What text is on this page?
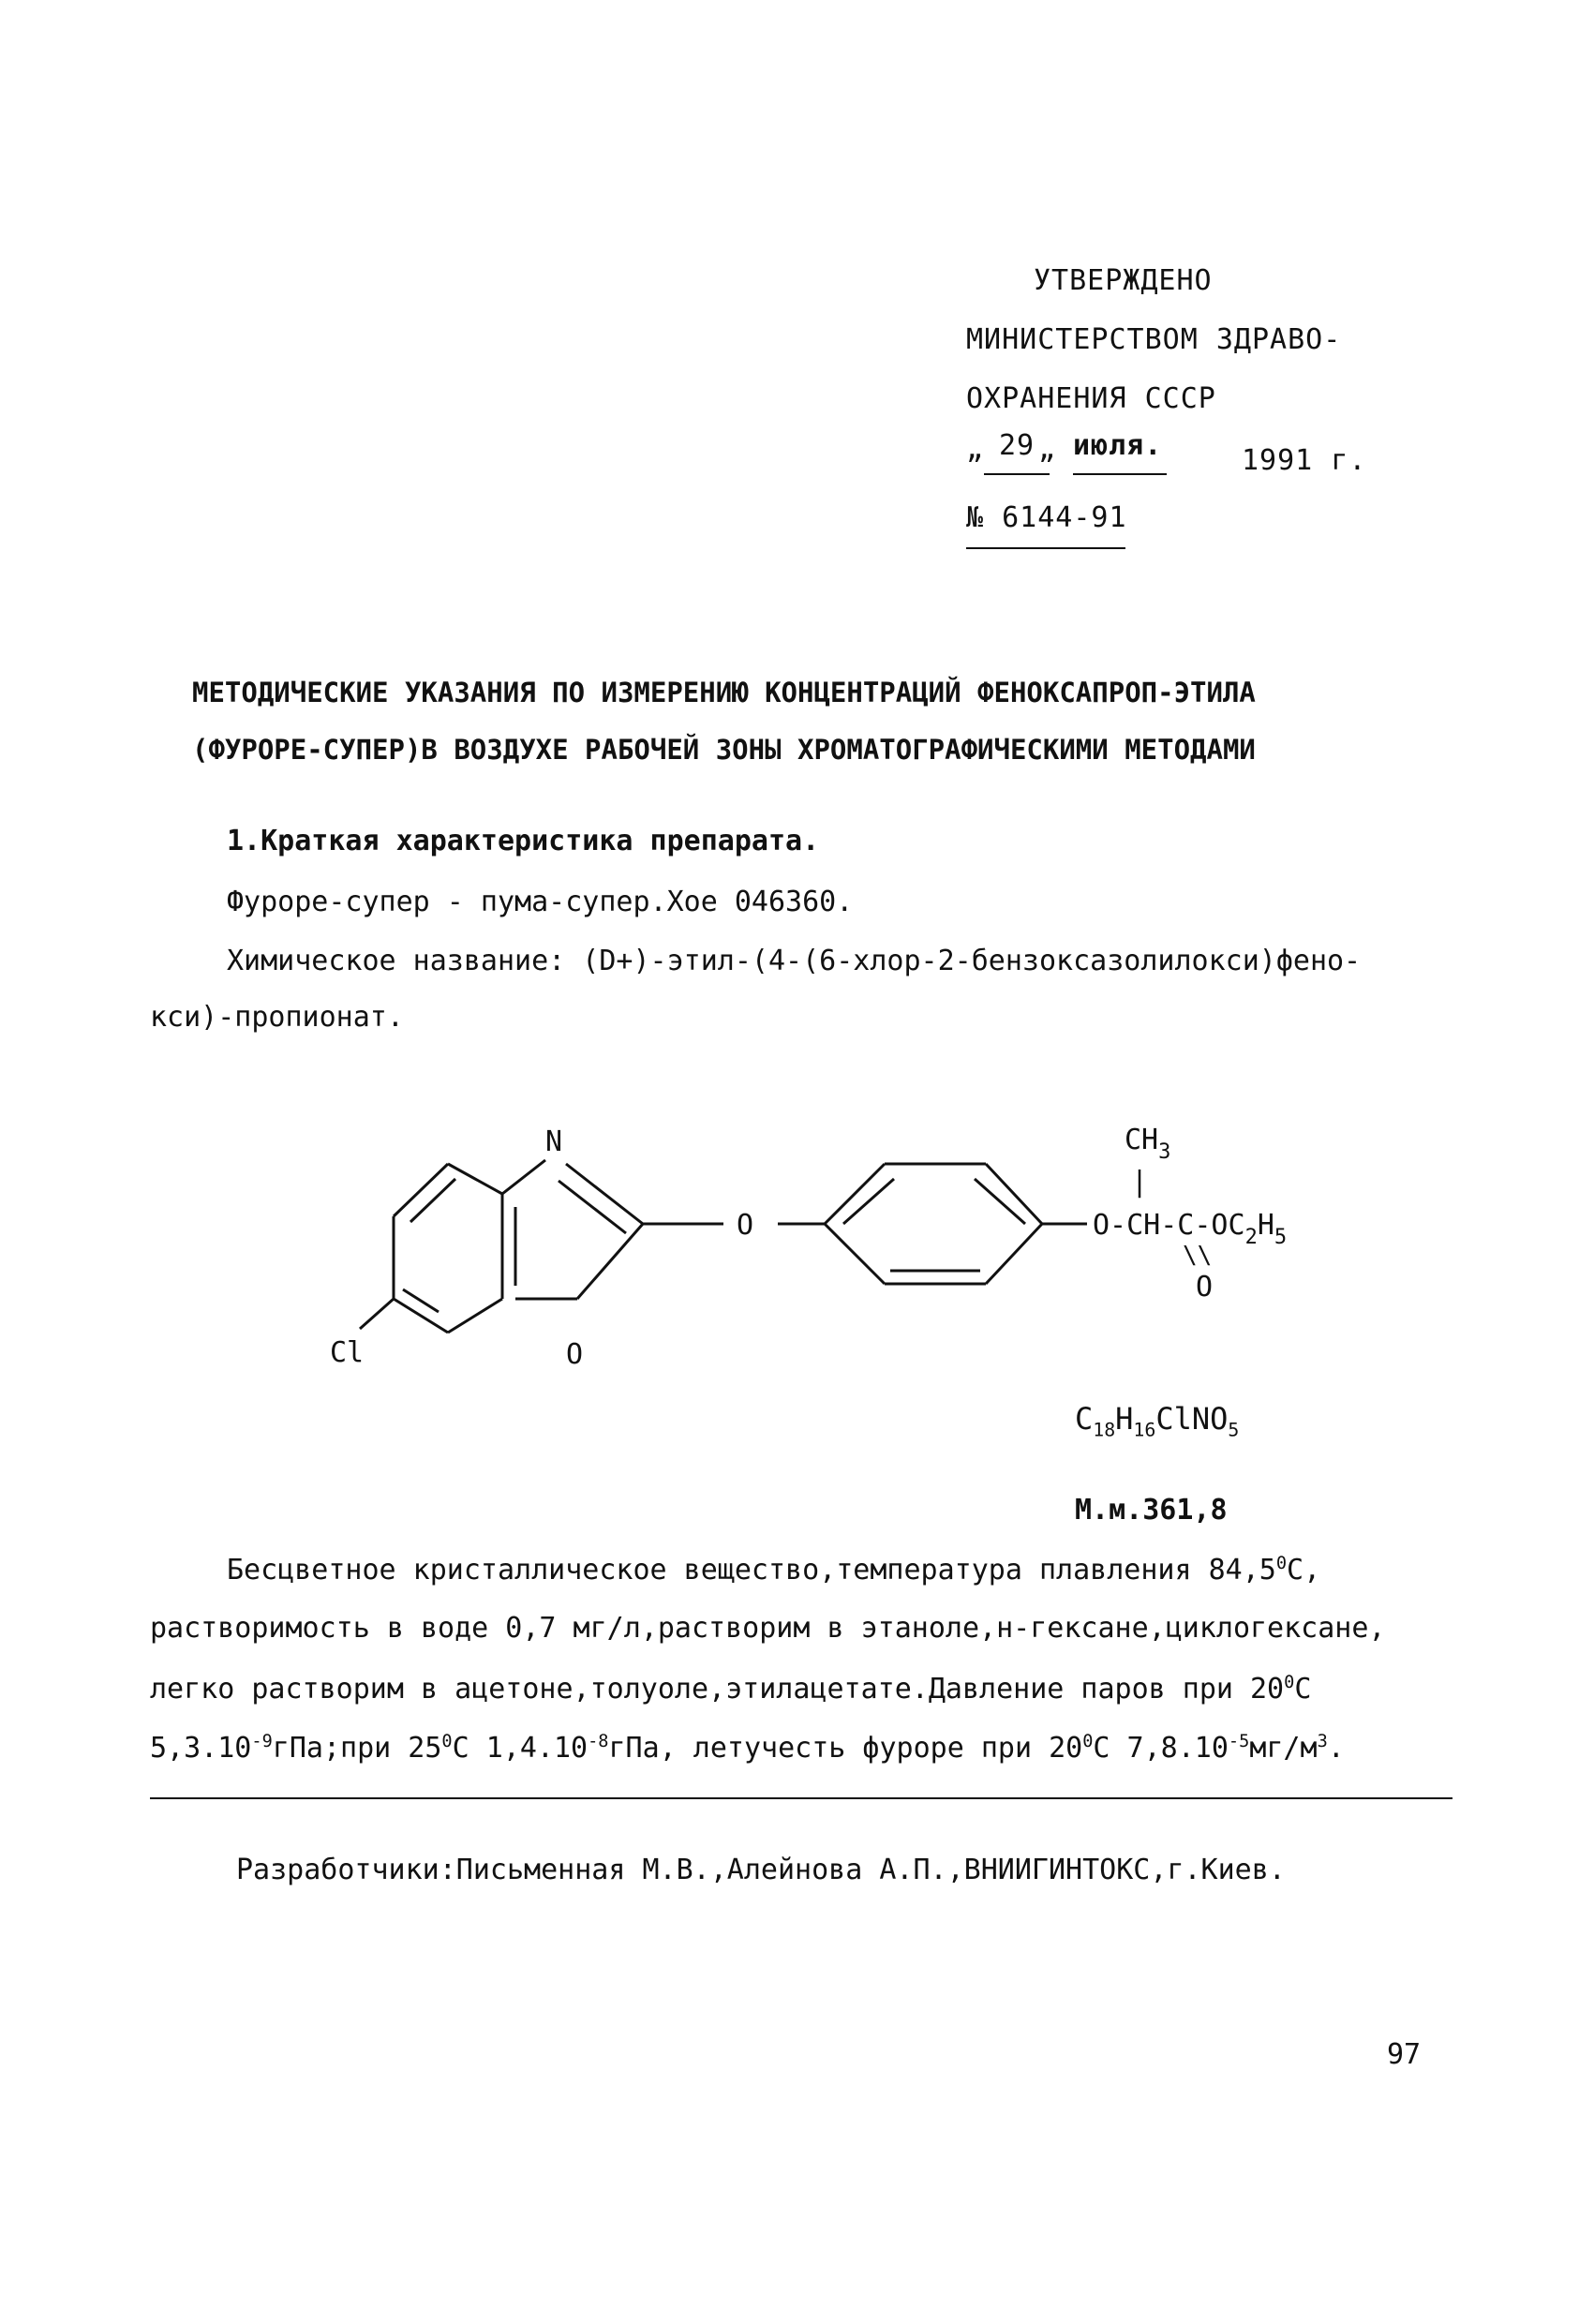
УТВЕРЖДЕНО
МИНИСТЕРСТВОМ ЗДРАВО-
ОХРАНЕНИЯ СССР
„ 29 „ июля.	1991 г.
№ 6144-91
МЕТОДИЧЕСКИЕ УКАЗАНИЯ ПО ИЗМЕРЕНИЮ КОНЦЕНТРАЦИЙ ФЕНОКСАПРОП-ЭТИЛА
(ФУРОРЕ-СУПЕР)В ВОЗДУХЕ РАБОЧЕЙ ЗОНЫ ХРОМАТОГРАФИЧЕСКИМИ МЕТОДАМИ
1.Краткая характеристика препарата.
Фуроре-супер - пума-супер.Хое 046360.
Химическое название: (D+)-этил-(4-(6-хлор-2-бензоксазолилокси)фено-
кси)-пропионат.
N
O
Cl
O
$CH_3$
|
$O-CH-C-OC_2H_5$
\\
O
$C_{18}H_{16}ClNO_5$
М.м.361,8
Бесцветное кристаллическое вещество,температура плавления 84,5$^0$С,
растворимость в воде 0,7 мг/л,растворим в этаноле,н-гексане,циклогексане,
легко растворим в ацетоне,толуоле,этилацетате.Давление паров при $20^0С$
$5,3.10^{-9}гПа;при$ $25^0С$ $1,4.10^{-8}гПа$, летучесть фуроре при $20^0С$ $7,8.10^{-5}мг/м^3$.
Разработчики:Письменная М.В.,Алейнова А.П.,ВНИИГИНТОКС,г.Киев.
97
